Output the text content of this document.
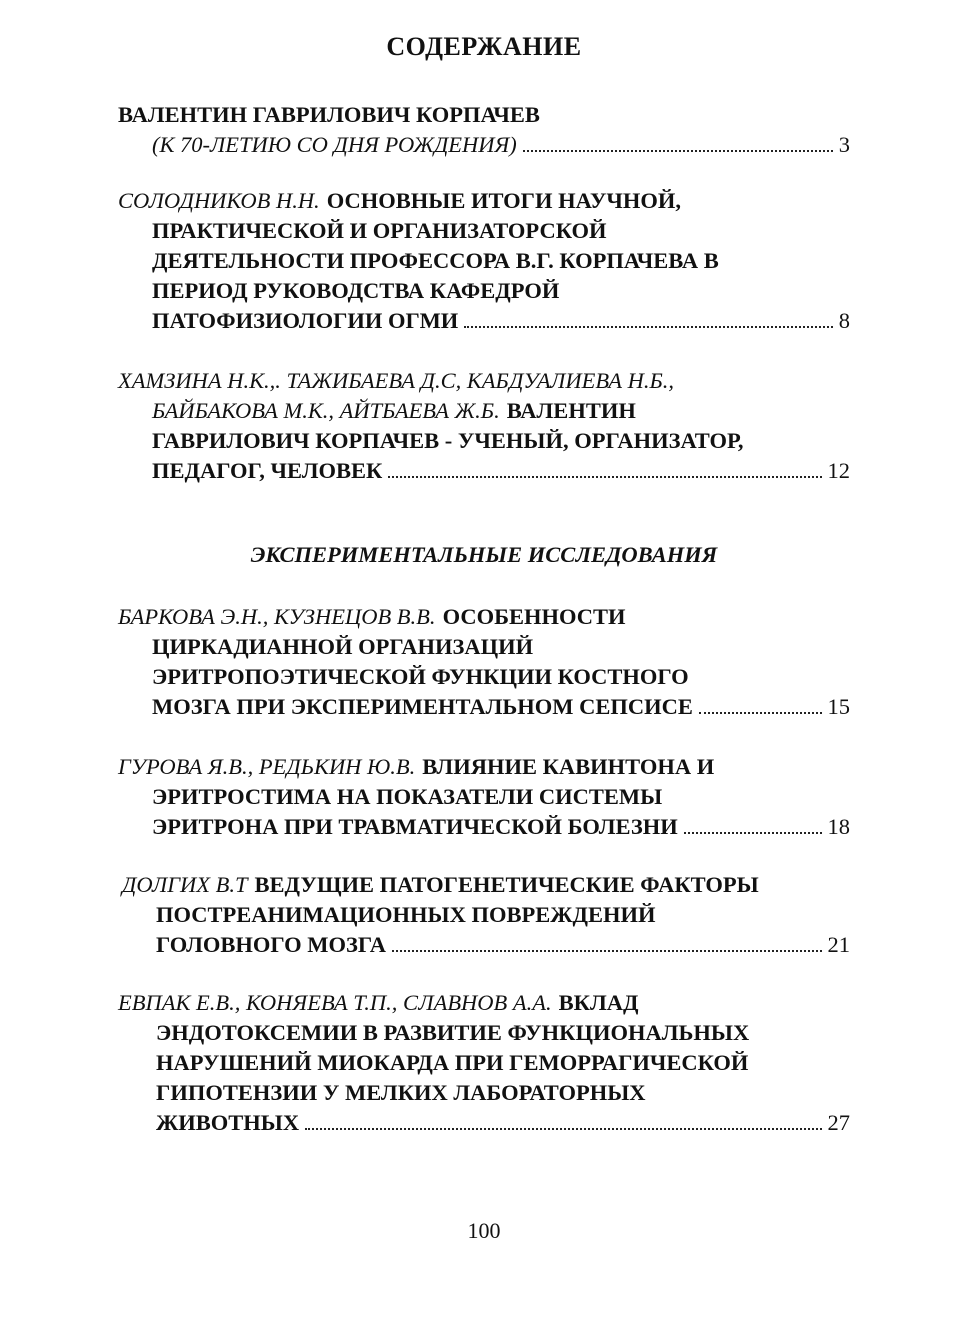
СОДЕРЖАНИЕ
ВАЛЕНТИН ГАВРИЛОВИЧ КОРПАЧЕВ
(К 70-ЛЕТИЮ СО ДНЯ РОЖДЕНИЯ)	3
СОЛОДНИКОВ Н.Н. ОСНОВНЫЕ ИТОГИ НАУЧНОЙ,
ПРАКТИЧЕСКОЙ И ОРГАНИЗАТОРСКОЙ
ДЕЯТЕЛЬНОСТИ ПРОФЕССОРА В.Г. КОРПАЧЕВА В
ПЕРИОД РУКОВОДСТВА КАФЕДРОЙ
ПАТОФИЗИОЛОГИИ ОГМИ	8
ХАМЗИНА Н.К.,. ТАЖИБАЕВА Д.С, КАБДУАЛИЕВА Н.Б.,
БАЙБАКОВА М.К., АЙТБАЕВА Ж.Б. ВАЛЕНТИН
ГАВРИЛОВИЧ КОРПАЧЕВ - УЧЕНЫЙ, ОРГАНИЗАТОР,
ПЕДАГОГ, ЧЕЛОВЕК	12
ЭКСПЕРИМЕНТАЛЬНЫЕ ИССЛЕДОВАНИЯ
БАРКОВА Э.Н., КУЗНЕЦОВ В.В. ОСОБЕННОСТИ
ЦИРКАДИАННОЙ ОРГАНИЗАЦИЙ
ЭРИТРОПОЭТИЧЕСКОЙ ФУНКЦИИ КОСТНОГО
МОЗГА ПРИ ЭКСПЕРИМЕНТАЛЬНОМ СЕПСИСЕ	15
ГУРОВА Я.В., РЕДЬКИН Ю.В. ВЛИЯНИЕ КАВИНТОНА И
ЭРИТРОСТИМА НА ПОКАЗАТЕЛИ СИСТЕМЫ
ЭРИТРОНА ПРИ ТРАВМАТИЧЕСКОЙ БОЛЕЗНИ	18
ДОЛГИХ В.Т ВЕДУЩИЕ ПАТОГЕНЕТИЧЕСКИЕ ФАКТОРЫ
ПОСТРЕАНИМАЦИОННЫХ ПОВРЕЖДЕНИЙ
ГОЛОВНОГО МОЗГА	21
ЕВПАК Е.В., КОНЯЕВА Т.П., СЛАВНОВ А.А. ВКЛАД
ЭНДОТОКСЕМИИ В РАЗВИТИЕ ФУНКЦИОНАЛЬНЫХ
НАРУШЕНИЙ МИОКАРДА ПРИ ГЕМОРРАГИЧЕСКОЙ
ГИПОТЕНЗИИ У МЕЛКИХ ЛАБОРАТОРНЫХ
ЖИВОТНЫХ	27
100
